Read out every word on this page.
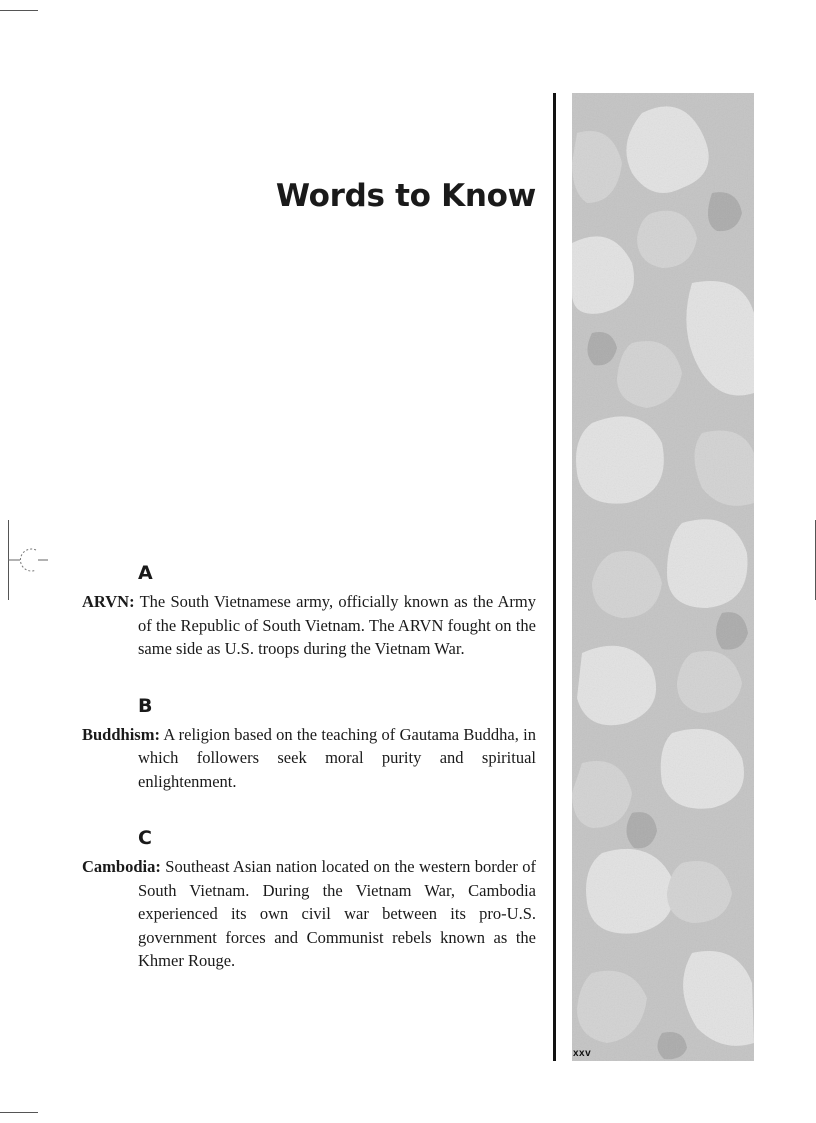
Words to Know

A

ARVN: The South Vietnamese army, officially known as the Army of the Republic of South Vietnam. The ARVN fought on the same side as U.S. troops during the Vietnam War.

B

Buddhism: A religion based on the teaching of Gautama Buddha, in which followers seek moral purity and spiritual enlightenment.

C

Cambodia: Southeast Asian nation located on the western border of South Vietnam. During the Vietnam War, Cambodia experienced its own civil war between its pro-U.S. government forces and Communist rebels known as the Khmer Rouge.

xxv
